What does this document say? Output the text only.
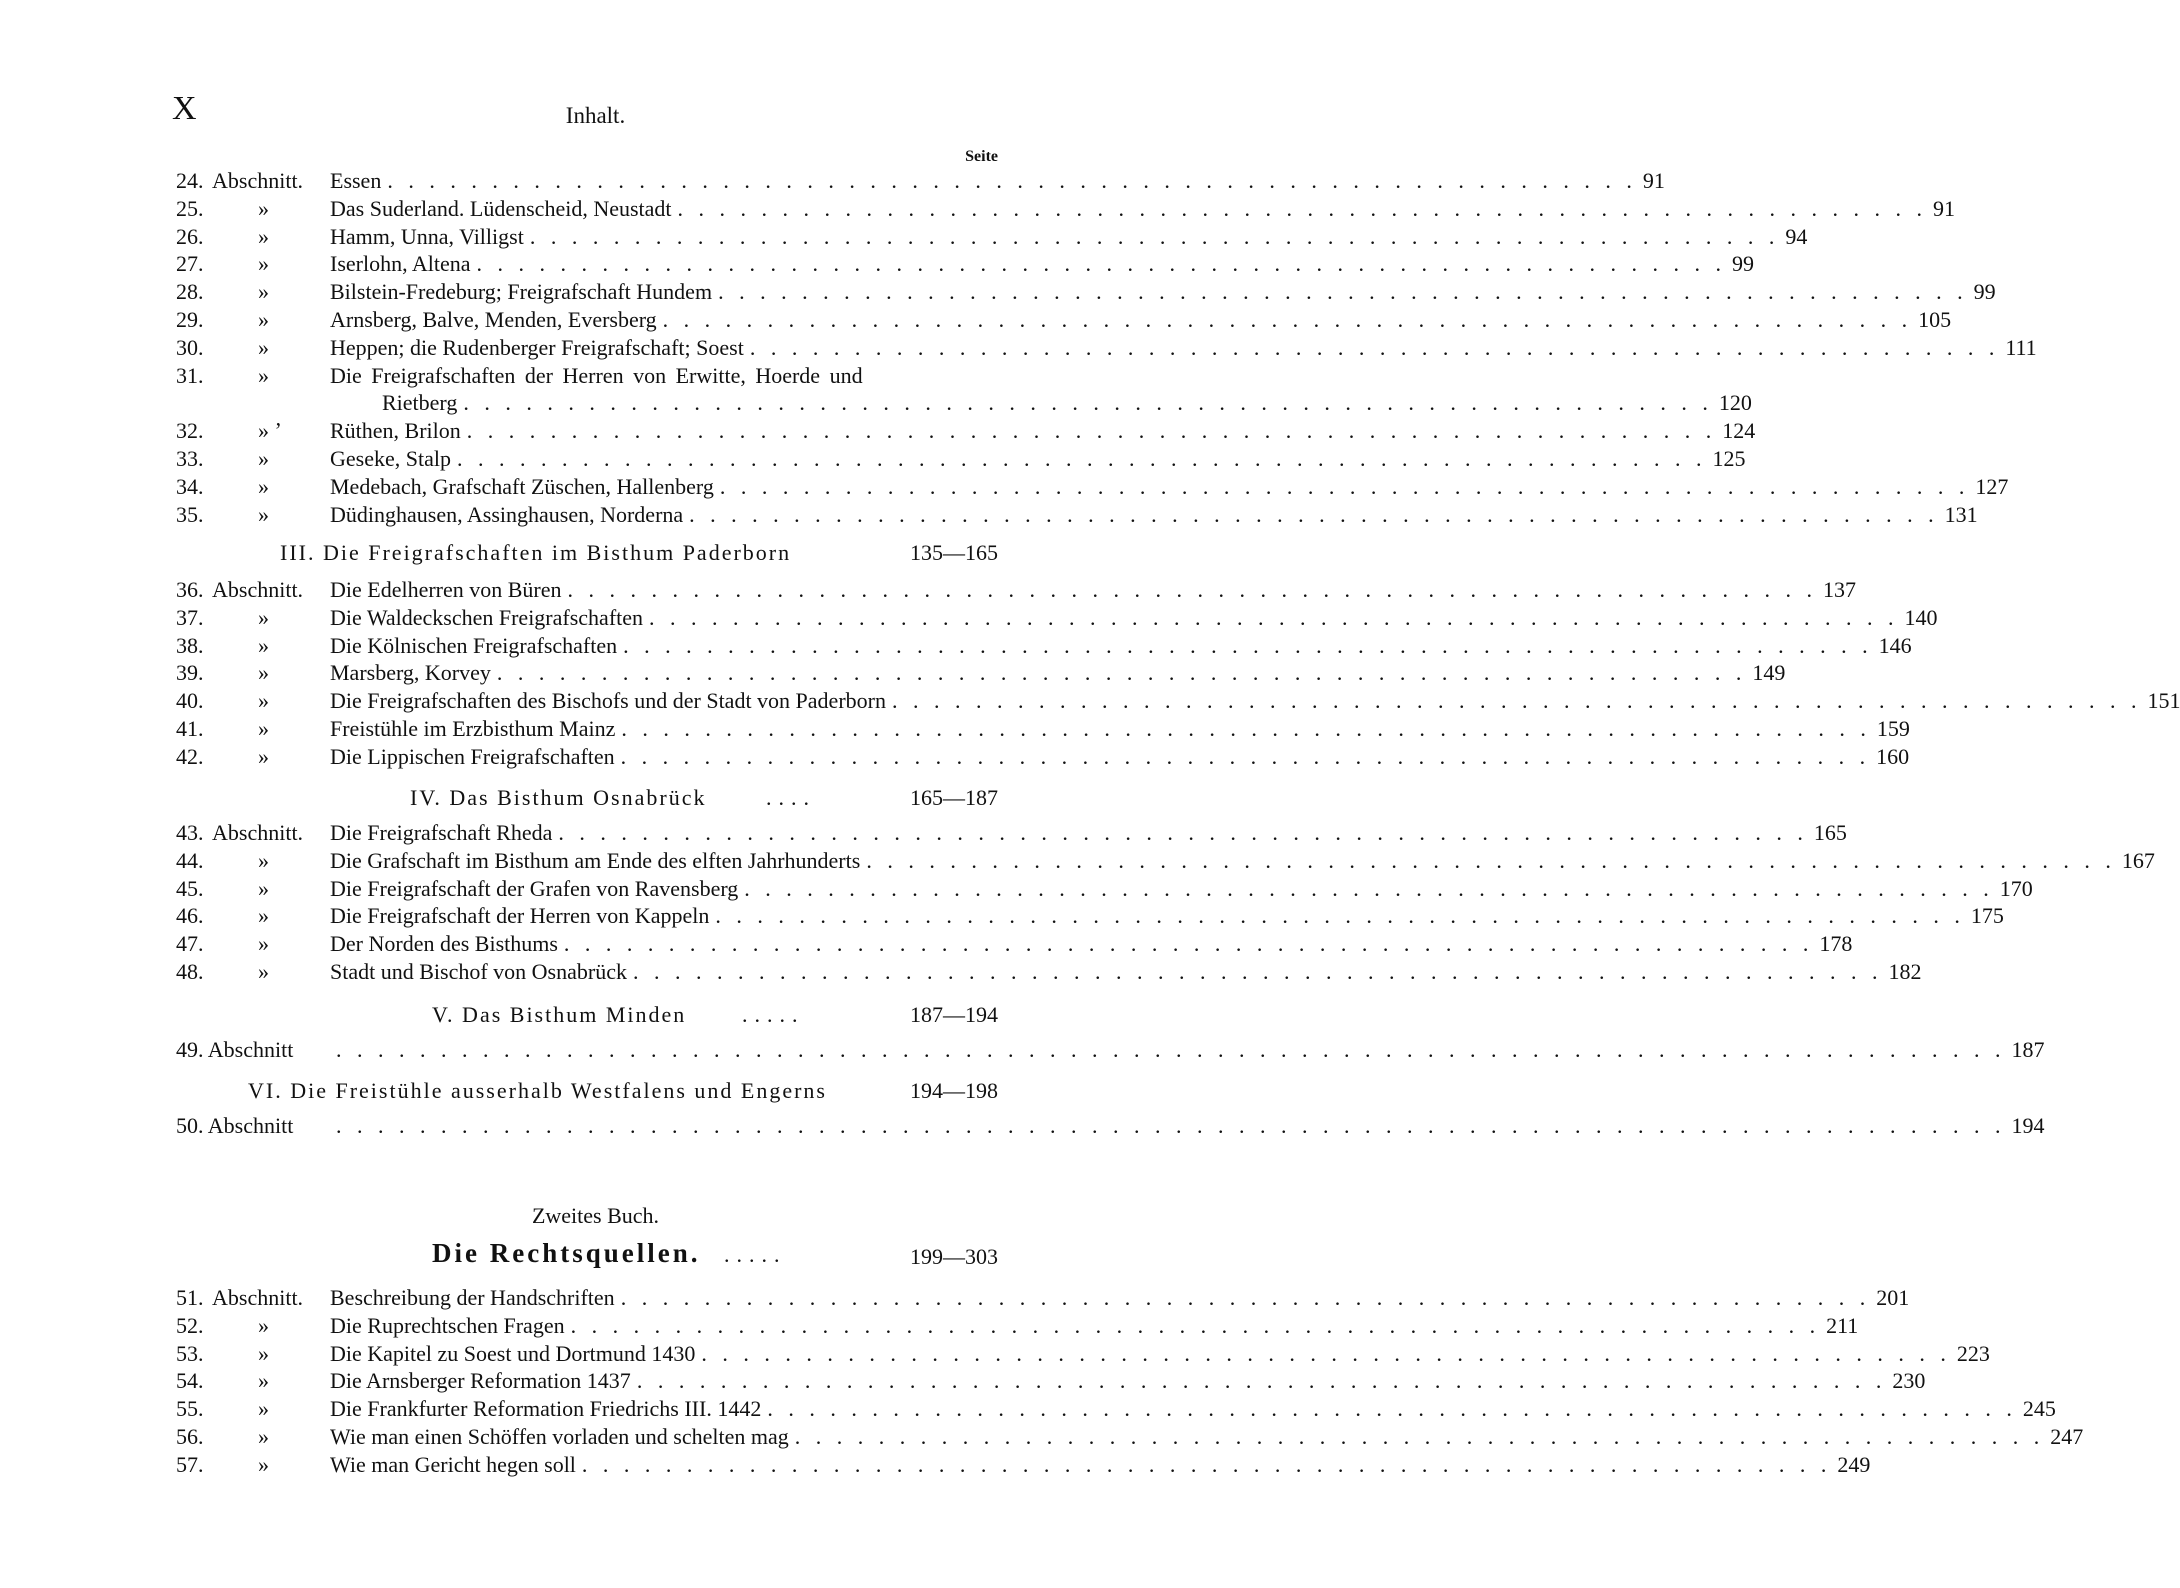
X	Inhalt.
Seite
24. Abschnitt. Essen . . . . . . . . . . . . . . . . . . . . . . . . . . . . . . . . . . . . . . . . . . . . . . . . . . . . . . . . . . . . 91
25. »	Das Suderland. Lüdenscheid, Neustadt . . . . . . . . . . . . . . . . . . . . . . . . . . . . . . . . . . . . . . . . . . . . . . . . . . . . . . . . . . . . 91
26. »	Hamm, Unna, Villigst . . . . . . . . . . . . . . . . . . . . . . . . . . . . . . . . . . . . . . . . . . . . . . . . . . . . . . . . . . . . 94
27. »	Iserlohn, Altena . . . . . . . . . . . . . . . . . . . . . . . . . . . . . . . . . . . . . . . . . . . . . . . . . . . . . . . . . . . . 99
28. »	Bilstein-Fredeburg; Freigrafschaft Hundem . . . . . . . . . . . . . . . . . . . . . . . . . . . . . . . . . . . . . . . . . . . . . . . . . . . . . . . . . . . . 99
29. »	Arnsberg, Balve, Menden, Eversberg . . . . . . . . . . . . . . . . . . . . . . . . . . . . . . . . . . . . . . . . . . . . . . . . . . . . . . . . . . . . 105
30. »	Heppen; die Rudenberger Freigrafschaft; Soest . . . . . . . . . . . . . . . . . . . . . . . . . . . . . . . . . . . . . . . . . . . . . . . . . . . . . . . . . . . . 111
31. »	Die Freigrafschaften der Herren von Erwitte, Hoerde und
Rietberg . . . . . . . . . . . . . . . . . . . . . . . . . . . . . . . . . . . . . . . . . . . . . . . . . . . . . . . . . . . . 120
32. » ʼ Rüthen, Brilon . . . . . . . . . . . . . . . . . . . . . . . . . . . . . . . . . . . . . . . . . . . . . . . . . . . . . . . . . . . . 124
33. »	Geseke, Stalp . . . . . . . . . . . . . . . . . . . . . . . . . . . . . . . . . . . . . . . . . . . . . . . . . . . . . . . . . . . . 125
34. »	Medebach, Grafschaft Züschen, Hallenberg . . . . . . . . . . . . . . . . . . . . . . . . . . . . . . . . . . . . . . . . . . . . . . . . . . . . . . . . . . . . 127
35. »	Düdinghausen, Assinghausen, Norderna . . . . . . . . . . . . . . . . . . . . . . . . . . . . . . . . . . . . . . . . . . . . . . . . . . . . . . . . . . . . 131
III. Die Freigrafschaften im Bisthum Paderborn	135—165
36. Abschnitt. Die Edelherren von Büren . . . . . . . . . . . . . . . . . . . . . . . . . . . . . . . . . . . . . . . . . . . . . . . . . . . . . . . . . . . . 137
37. »	Die Waldeckschen Freigrafschaften . . . . . . . . . . . . . . . . . . . . . . . . . . . . . . . . . . . . . . . . . . . . . . . . . . . . . . . . . . . . 140
38. »	Die Kölnischen Freigrafschaften . . . . . . . . . . . . . . . . . . . . . . . . . . . . . . . . . . . . . . . . . . . . . . . . . . . . . . . . . . . . 146
39. »	Marsberg, Korvey . . . . . . . . . . . . . . . . . . . . . . . . . . . . . . . . . . . . . . . . . . . . . . . . . . . . . . . . . . . . 149
40. »	Die Freigrafschaften des Bischofs und der Stadt von Paderborn . . . . . . . . . . . . . . . . . . . . . . . . . . . . . . . . . . . . . . . . . . . . . . . . . . . . . . . . . . . . 151
41. »	Freistühle im Erzbisthum Mainz . . . . . . . . . . . . . . . . . . . . . . . . . . . . . . . . . . . . . . . . . . . . . . . . . . . . . . . . . . . . 159
42. »	Die Lippischen Freigrafschaften . . . . . . . . . . . . . . . . . . . . . . . . . . . . . . . . . . . . . . . . . . . . . . . . . . . . . . . . . . . . 160
IV. Das Bisthum Osnabrück	....	165—187
43. Abschnitt. Die Freigrafschaft Rheda . . . . . . . . . . . . . . . . . . . . . . . . . . . . . . . . . . . . . . . . . . . . . . . . . . . . . . . . . . . . 165
44. »	Die Grafschaft im Bisthum am Ende des elften Jahrhunderts . . . . . . . . . . . . . . . . . . . . . . . . . . . . . . . . . . . . . . . . . . . . . . . . . . . . . . . . . . . . 167
45. »	Die Freigrafschaft der Grafen von Ravensberg . . . . . . . . . . . . . . . . . . . . . . . . . . . . . . . . . . . . . . . . . . . . . . . . . . . . . . . . . . . . 170
46. »	Die Freigrafschaft der Herren von Kappeln . . . . . . . . . . . . . . . . . . . . . . . . . . . . . . . . . . . . . . . . . . . . . . . . . . . . . . . . . . . . 175
47. »	Der Norden des Bisthums . . . . . . . . . . . . . . . . . . . . . . . . . . . . . . . . . . . . . . . . . . . . . . . . . . . . . . . . . . . . 178
48. »	Stadt und Bischof von Osnabrück . . . . . . . . . . . . . . . . . . . . . . . . . . . . . . . . . . . . . . . . . . . . . . . . . . . . . . . . . . . . 182
V. Das Bisthum Minden	.....	187—194
49. Abschnitt . . . . . . . . . . . . . . . . . . . . . . . . . . . . . . . . . . . . . . . . . . . . . . . . . . . . . . . . . . . . . . . . . . . . . . . . . . . . . . . . 187
VI. Die Freistühle ausserhalb Westfalens und Engerns	194—198
50. Abschnitt . . . . . . . . . . . . . . . . . . . . . . . . . . . . . . . . . . . . . . . . . . . . . . . . . . . . . . . . . . . . . . . . . . . . . . . . . . . . . . . . 194
Zweites Buch.
Die Rechtsquellen. .....	199—303
51. Abschnitt. Beschreibung der Handschriften . . . . . . . . . . . . . . . . . . . . . . . . . . . . . . . . . . . . . . . . . . . . . . . . . . . . . . . . . . . . 201
52. »	Die Ruprechtschen Fragen . . . . . . . . . . . . . . . . . . . . . . . . . . . . . . . . . . . . . . . . . . . . . . . . . . . . . . . . . . . . 211
53. »	Die Kapitel zu Soest und Dortmund 1430 . . . . . . . . . . . . . . . . . . . . . . . . . . . . . . . . . . . . . . . . . . . . . . . . . . . . . . . . . . . . 223
54. »	Die Arnsberger Reformation 1437 . . . . . . . . . . . . . . . . . . . . . . . . . . . . . . . . . . . . . . . . . . . . . . . . . . . . . . . . . . . . 230
55. »	Die Frankfurter Reformation Friedrichs III. 1442 . . . . . . . . . . . . . . . . . . . . . . . . . . . . . . . . . . . . . . . . . . . . . . . . . . . . . . . . . . . . 245
56. »	Wie man einen Schöffen vorladen und schelten mag . . . . . . . . . . . . . . . . . . . . . . . . . . . . . . . . . . . . . . . . . . . . . . . . . . . . . . . . . . . . 247
57. »	Wie man Gericht hegen soll . . . . . . . . . . . . . . . . . . . . . . . . . . . . . . . . . . . . . . . . . . . . . . . . . . . . . . . . . . . . 249
